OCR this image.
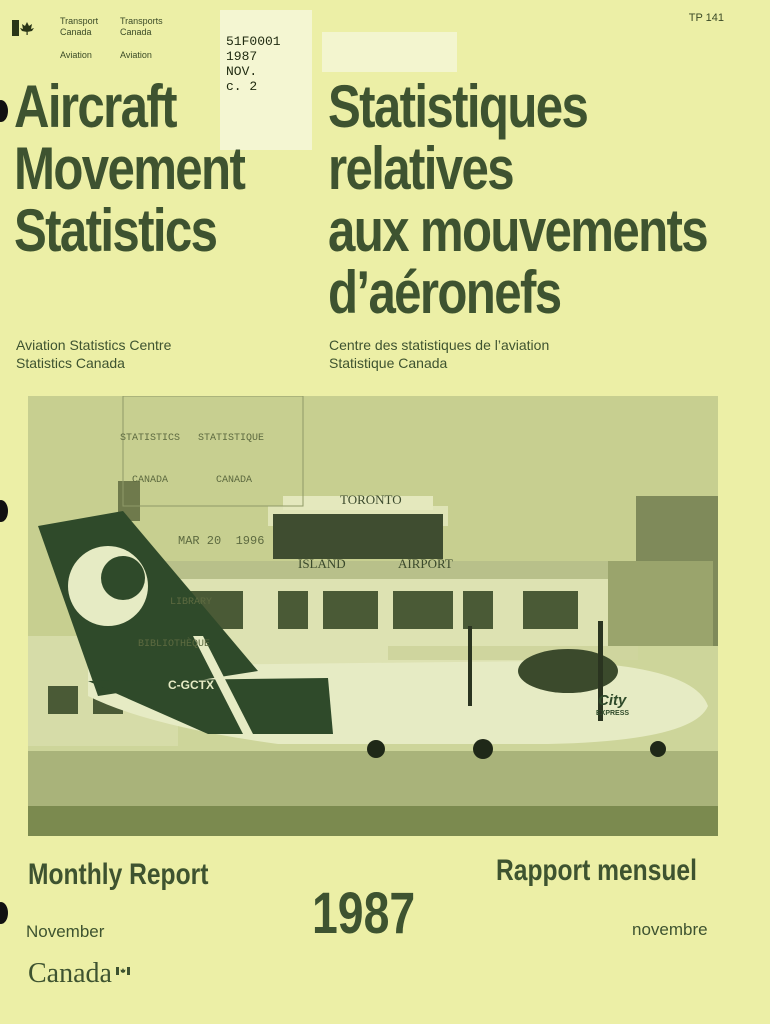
Transport
Canada
Aviation
Transports
Canada
Aviation
TP 141
51F0001
1987
NOV.
c. 2
Aircraft
Movement
Statistics
Statistiques
relatives
aux mouvements
d’aéronefs
Aviation Statistics Centre
Statistics Canada
Centre des statistiques de l’aviation
Statistique Canada

STATISTICS   STATISTIQUE

CANADA        CANADA

MAR 20  1996

LIBRARY

BIBLIOTHÈQUE

TORONTO
ISLAND	AIRPORT
C-GCTX
City
EXPRESS
Monthly Report	Rapport mensuel
1987
November	novembre
Canada
